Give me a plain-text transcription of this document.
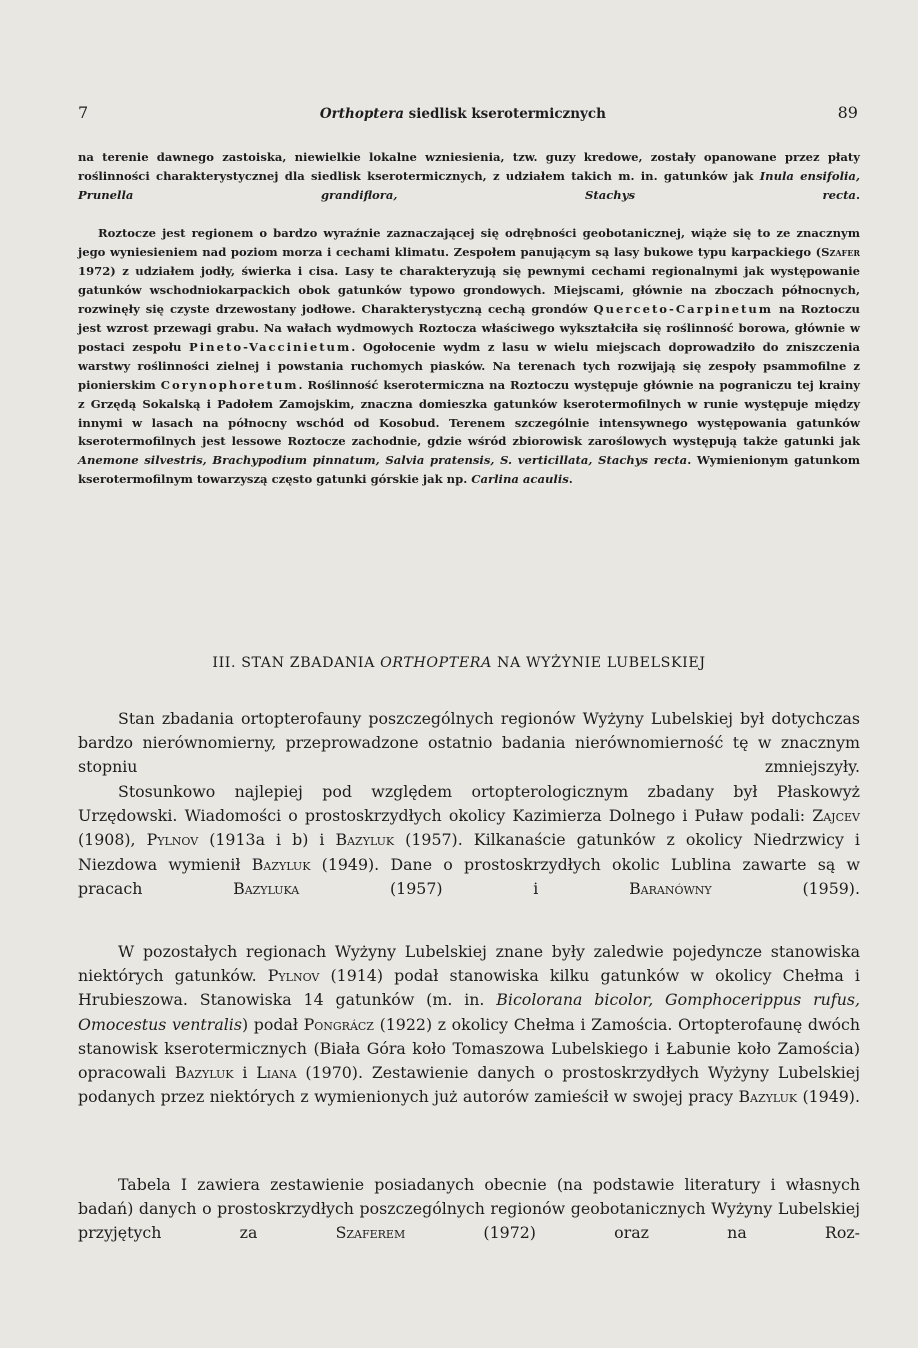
7	Orthoptera siedlisk kserotermicznych	89

na terenie dawnego zastoiska, niewielkie lokalne wzniesienia, tzw. guzy kredowe, zostały opanowane przez płaty roślinności charakterystycznej dla siedlisk kserotermicznych, z udziałem takich m. in. gatunków jak Inula ensifolia, Prunella grandiflora, Stachys recta.

Roztocze jest regionem o bardzo wyraźnie zaznaczającej się odrębności geobotanicznej, wiąże się to ze znacznym jego wyniesieniem nad poziom morza i cechami klimatu. Zespołem panującym są lasy bukowe typu karpackiego (Szafer 1972) z udziałem jodły, świerka i cisa. Lasy te charakteryzują się pewnymi cechami regionalnymi jak występowanie gatunków wschodniokarpackich obok gatunków typowo grondowych. Miejscami, głównie na zboczach północnych, rozwinęły się czyste drzewostany jodłowe. Charakterystyczną cechą grondów Querceto-Carpinetum na Roztoczu jest wzrost przewagi grabu. Na wałach wydmowych Roztocza właściwego wykształciła się roślinność borowa, głównie w postaci zespołu Pineto-Vaccinietum. Ogołocenie wydm z lasu w wielu miejscach doprowadziło do zniszczenia warstwy roślinności zielnej i powstania ruchomych piasków. Na terenach tych rozwijają się zespoły psammofilne z pionierskim Corynophoretum. Roślinność kserotermiczna na Roztoczu występuje głównie na pograniczu tej krainy z Grzędą Sokalską i Padołem Zamojskim, znaczna domieszka gatunków kserotermofilnych w runie występuje między innymi w lasach na północny wschód od Kosobud. Terenem szczególnie intensywnego występowania gatunków kserotermofilnych jest lessowe Roztocze zachodnie, gdzie wśród zbiorowisk zaroślowych występują także gatunki jak Anemone silvestris, Brachypodium pinnatum, Salvia pratensis, S. verticillata, Stachys recta. Wymienionym gatunkom kserotermofilnym towarzyszą często gatunki górskie jak np. Carlina acaulis.

III. STAN ZBADANIA ORTHOPTERA NA WYŻYNIE LUBELSKIEJ

Stan zbadania ortopterofauny poszczególnych regionów Wyżyny Lubelskiej był dotychczas bardzo nierównomierny, przeprowadzone ostatnio badania nierównomierność tę w znacznym stopniu zmniejszyły.

Stosunkowo najlepiej pod względem ortopterologicznym zbadany był Płaskowyż Urzędowski. Wiadomości o prostoskrzydłych okolicy Kazimierza Dolnego i Puław podali: Zajcev (1908), Pylnov (1913a i b) i Bazyluk (1957). Kilkanaście gatunków z okolicy Niedrzwicy i Niezdowa wymienił Bazyluk (1949). Dane o prostoskrzydłych okolic Lublina zawarte są w pracach Bazyluka (1957) i Baranówny (1959).

W pozostałych regionach Wyżyny Lubelskiej znane były zaledwie pojedyncze stanowiska niektórych gatunków. Pylnov (1914) podał stanowiska kilku gatunków w okolicy Chełma i Hrubieszowa. Stanowiska 14 gatunków (m. in. Bicolorana bicolor, Gomphocerippus rufus, Omocestus ventralis) podał Pongrácz (1922) z okolicy Chełma i Zamościa. Ortopterofaunę dwóch stanowisk kserotermicznych (Biała Góra koło Tomaszowa Lubelskiego i Łabunie koło Zamościa) opracowali Bazyluk i Liana (1970). Zestawienie danych o prostoskrzydłych Wyżyny Lubelskiej podanych przez niektórych z wymienionych już autorów zamieścił w swojej pracy Bazyluk (1949).

Tabela I zawiera zestawienie posiadanych obecnie (na podstawie literatury i własnych badań) danych o prostoskrzydłych poszczególnych regionów geobotanicznych Wyżyny Lubelskiej przyjętych za Szaferem (1972) oraz na Roz-
